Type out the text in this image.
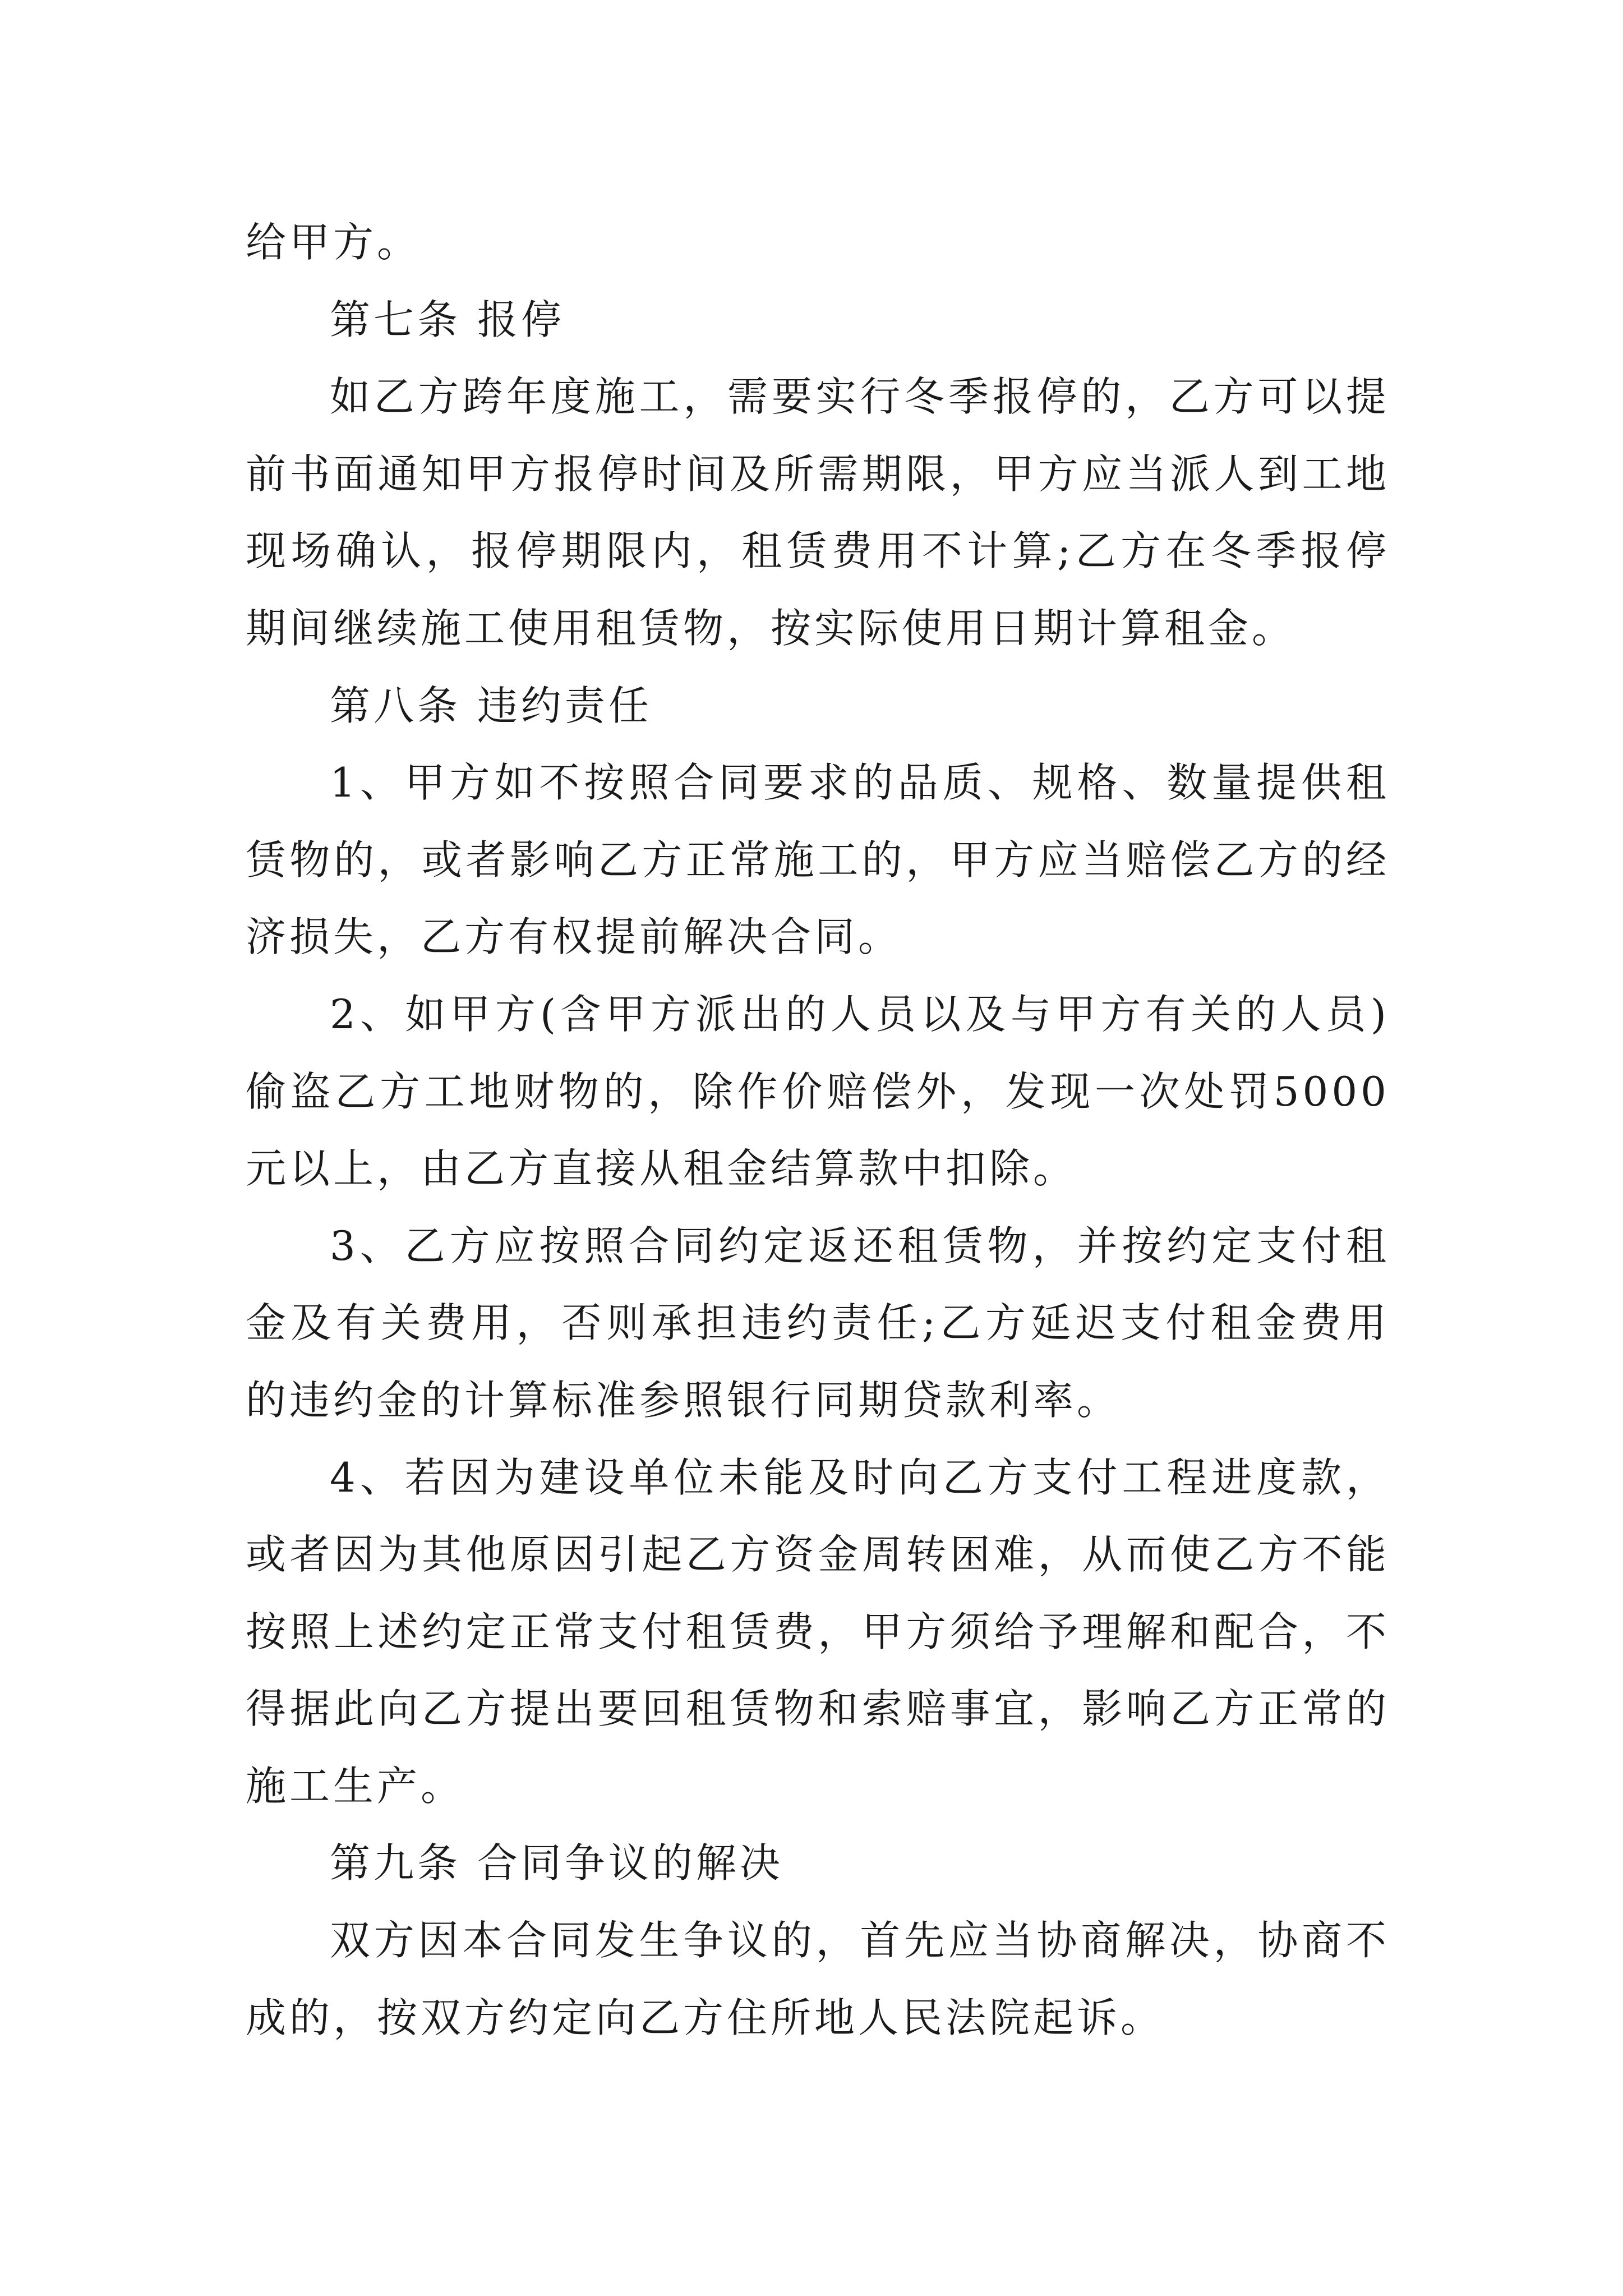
给甲方。

第七条 报停

如乙方跨年度施工，需要实行冬季报停的，乙方可以提前书面通知甲方报停时间及所需期限，甲方应当派人到工地现场确认，报停期限内，租赁费用不计算;乙方在冬季报停期间继续施工使用租赁物，按实际使用日期计算租金。

第八条 违约责任

1、甲方如不按照合同要求的品质、规格、数量提供租赁物的，或者影响乙方正常施工的，甲方应当赔偿乙方的经济损失，乙方有权提前解决合同。

2、如甲方(含甲方派出的人员以及与甲方有关的人员)偷盗乙方工地财物的，除作价赔偿外，发现一次处罚5000元以上，由乙方直接从租金结算款中扣除。

3、乙方应按照合同约定返还租赁物，并按约定支付租金及有关费用，否则承担违约责任;乙方延迟支付租金费用的违约金的计算标准参照银行同期贷款利率。

4、若因为建设单位未能及时向乙方支付工程进度款，或者因为其他原因引起乙方资金周转困难，从而使乙方不能按照上述约定正常支付租赁费，甲方须给予理解和配合，不得据此向乙方提出要回租赁物和索赔事宜，影响乙方正常的施工生产。

第九条 合同争议的解决

双方因本合同发生争议的，首先应当协商解决，协商不成的，按双方约定向乙方住所地人民法院起诉。
